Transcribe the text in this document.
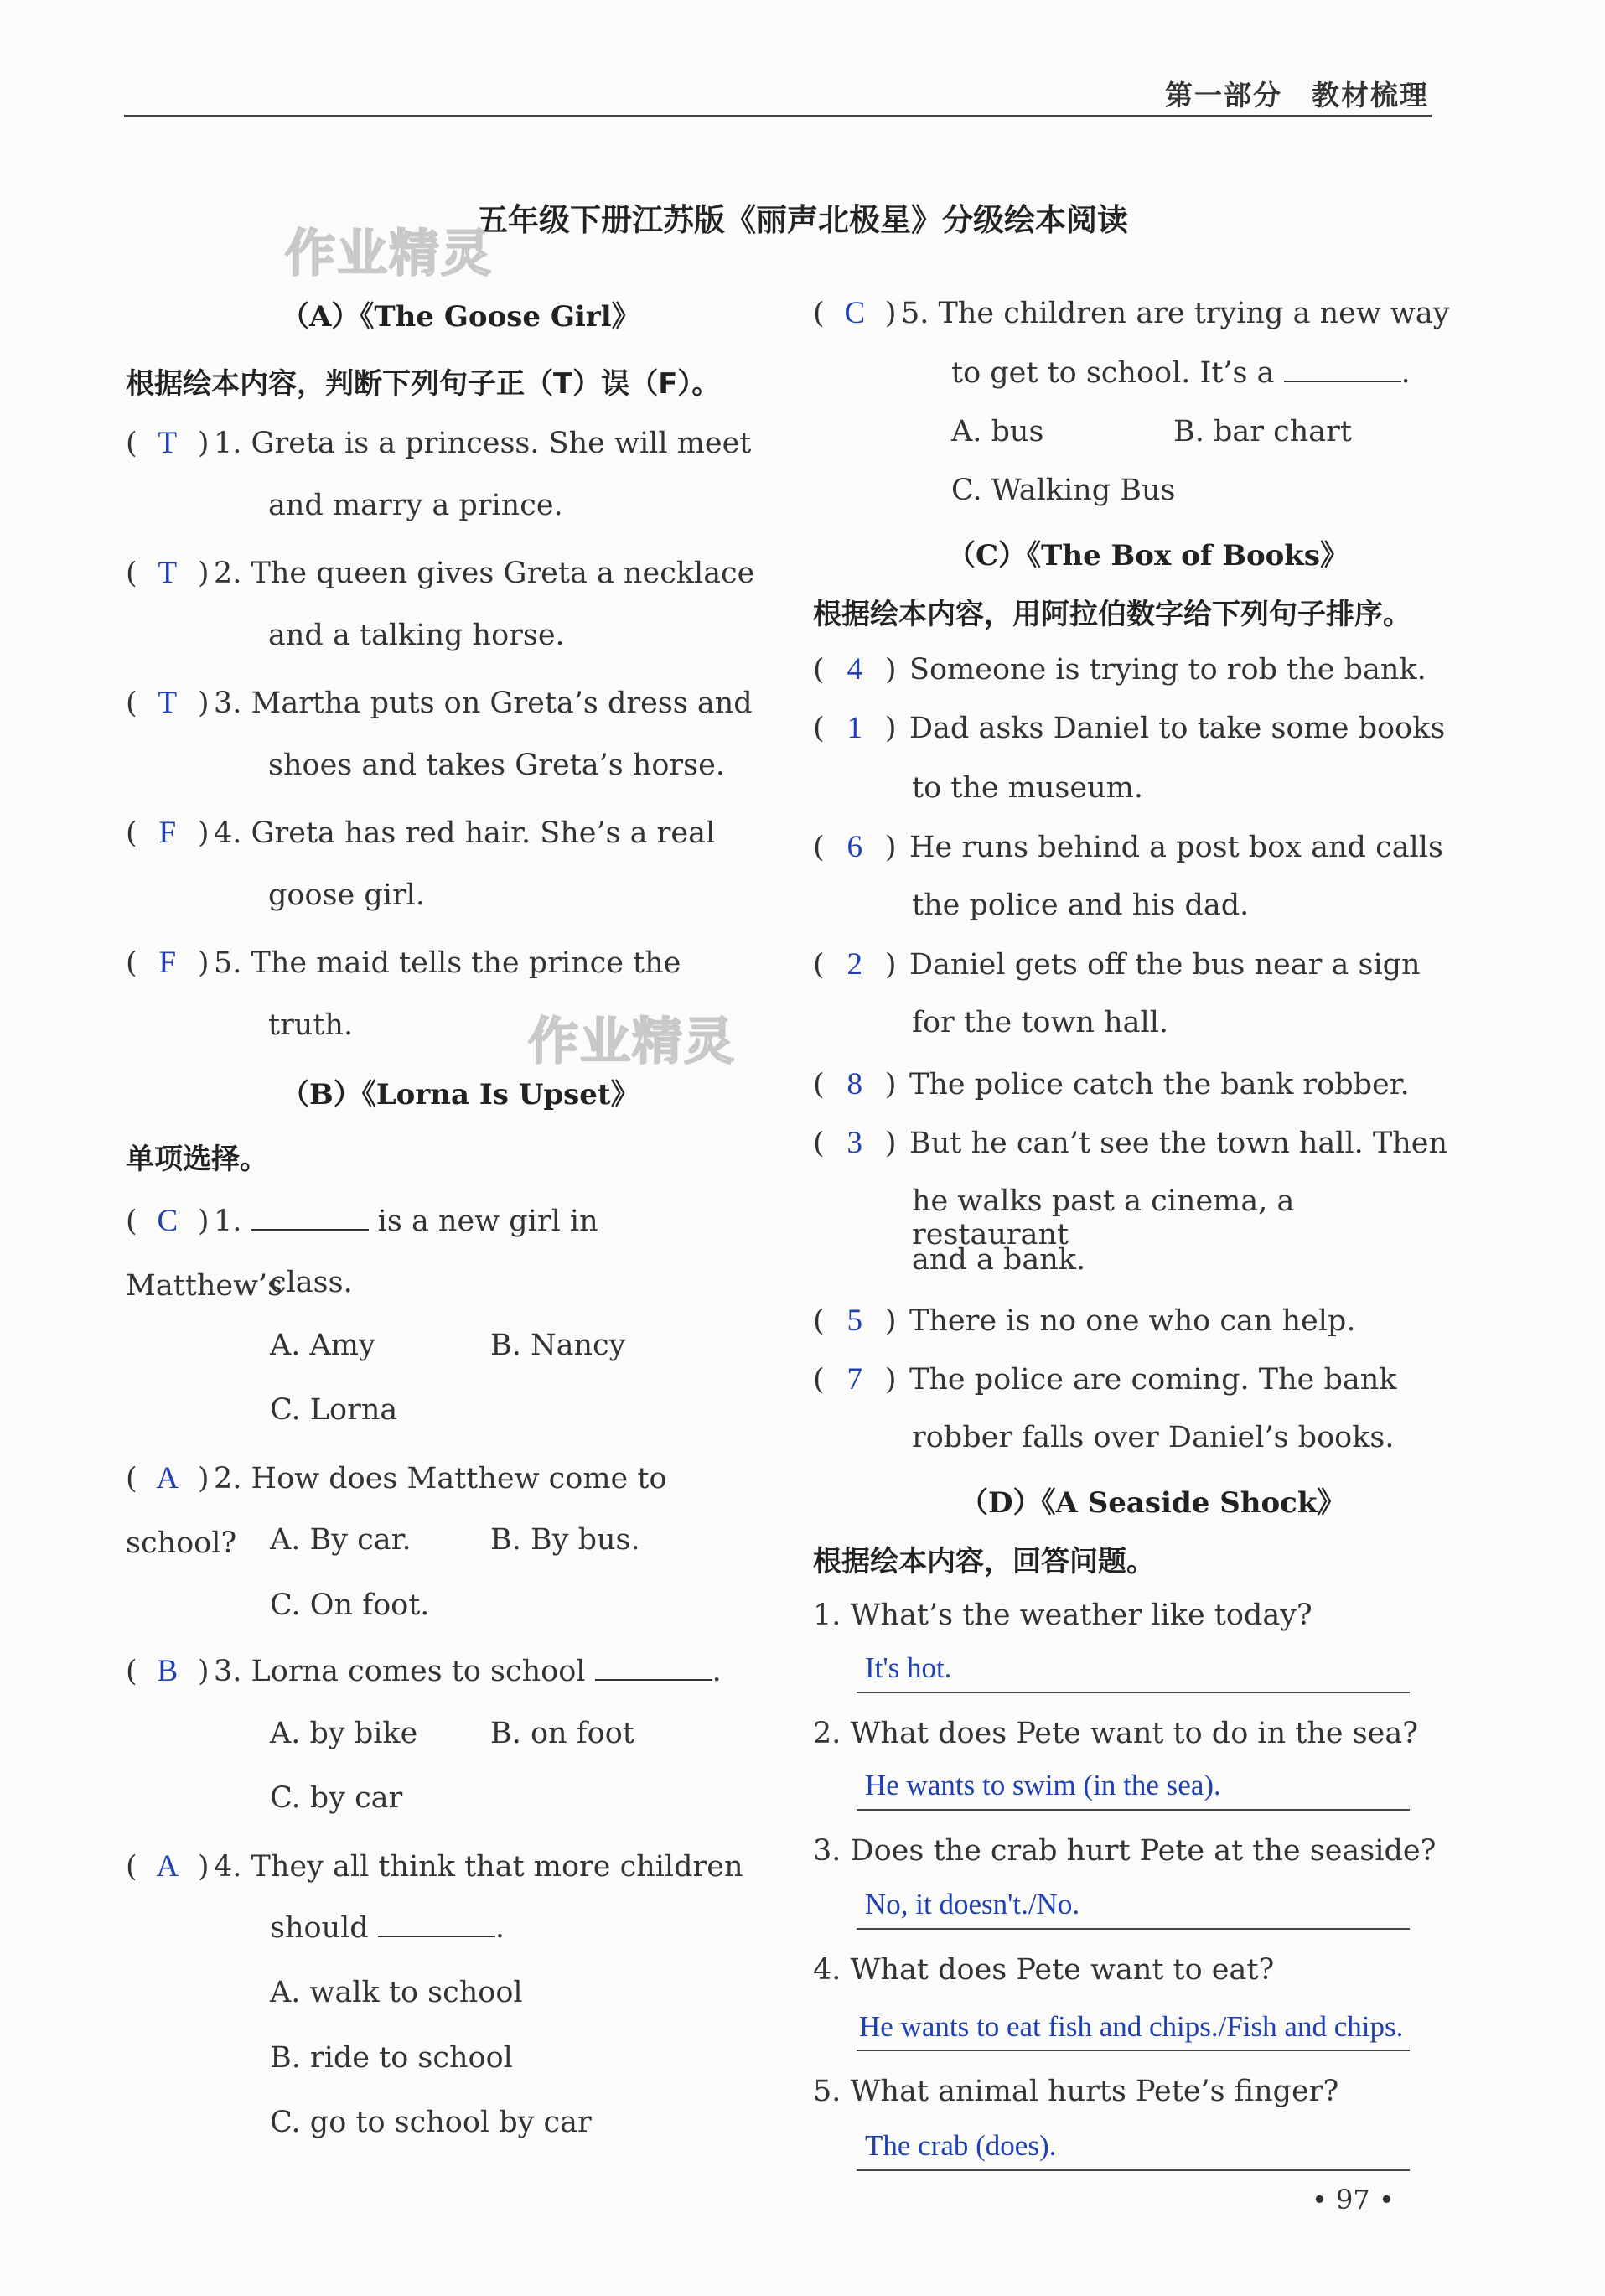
第一部分　教材梳理
五年级下册江苏版《丽声北极星》分级绘本阅读
作业精灵
作业精灵
（A）《The Goose Girl》
根据绘本内容，判断下列句子正（T）误（F）。
( T ) 1. Greta is a princess. She will meet
and marry a prince.
( T ) 2. The queen gives Greta a necklace
and a talking horse.
( T ) 3. Martha puts on Greta’s dress and
shoes and takes Greta’s horse.
( F ) 4. Greta has red hair. She’s a real
goose girl.
( F ) 5. The maid tells the prince the
truth.
（B）《Lorna Is Upset》
单项选择。
( C ) 1.	is a new girl in Matthew’s
class.
A. Amy	B. Nancy
C. Lorna
( A ) 2. How does Matthew come to school?	A. By car.	B. By bus.
C. On foot.
( B ) 3. Lorna comes to school	.
A. by bike B. on foot
C. by car
( A ) 4. They all think that more children
should	.
A. walk to school
B. ride to school
C. go to school by car
( C ) 5. The children are trying a new way
to get to school. It’s a	.
A. bus	B. bar chart
C. Walking Bus
（C）《The Box of Books》
根据绘本内容，用阿拉伯数字给下列句子排序。
( 4 ) Someone is trying to rob the bank.
( 1 ) Dad asks Daniel to take some books
to the museum.
( 6 ) He runs behind a post box and calls
the police and his dad.
( 2 ) Daniel gets off the bus near a sign
for the town hall.
( 8 ) The police catch the bank robber.
( 3 ) But he can’t see the town hall. Then
he walks past a cinema, a restaurant
and a bank.
( 5 ) There is no one who can help.
( 7 ) The police are coming. The bank
robber falls over Daniel’s books.
（D）《A Seaside Shock》
根据绘本内容，回答问题。
1. What’s the weather like today?
It's hot.
2. What does Pete want to do in the sea?
He wants to swim (in the sea).
3. Does the crab hurt Pete at the seaside?
No, it doesn't./No.
4. What does Pete want to eat?
He wants to eat fish and chips./Fish and chips.
5. What animal hurts Pete’s finger?
The crab (does).
• 97 •
